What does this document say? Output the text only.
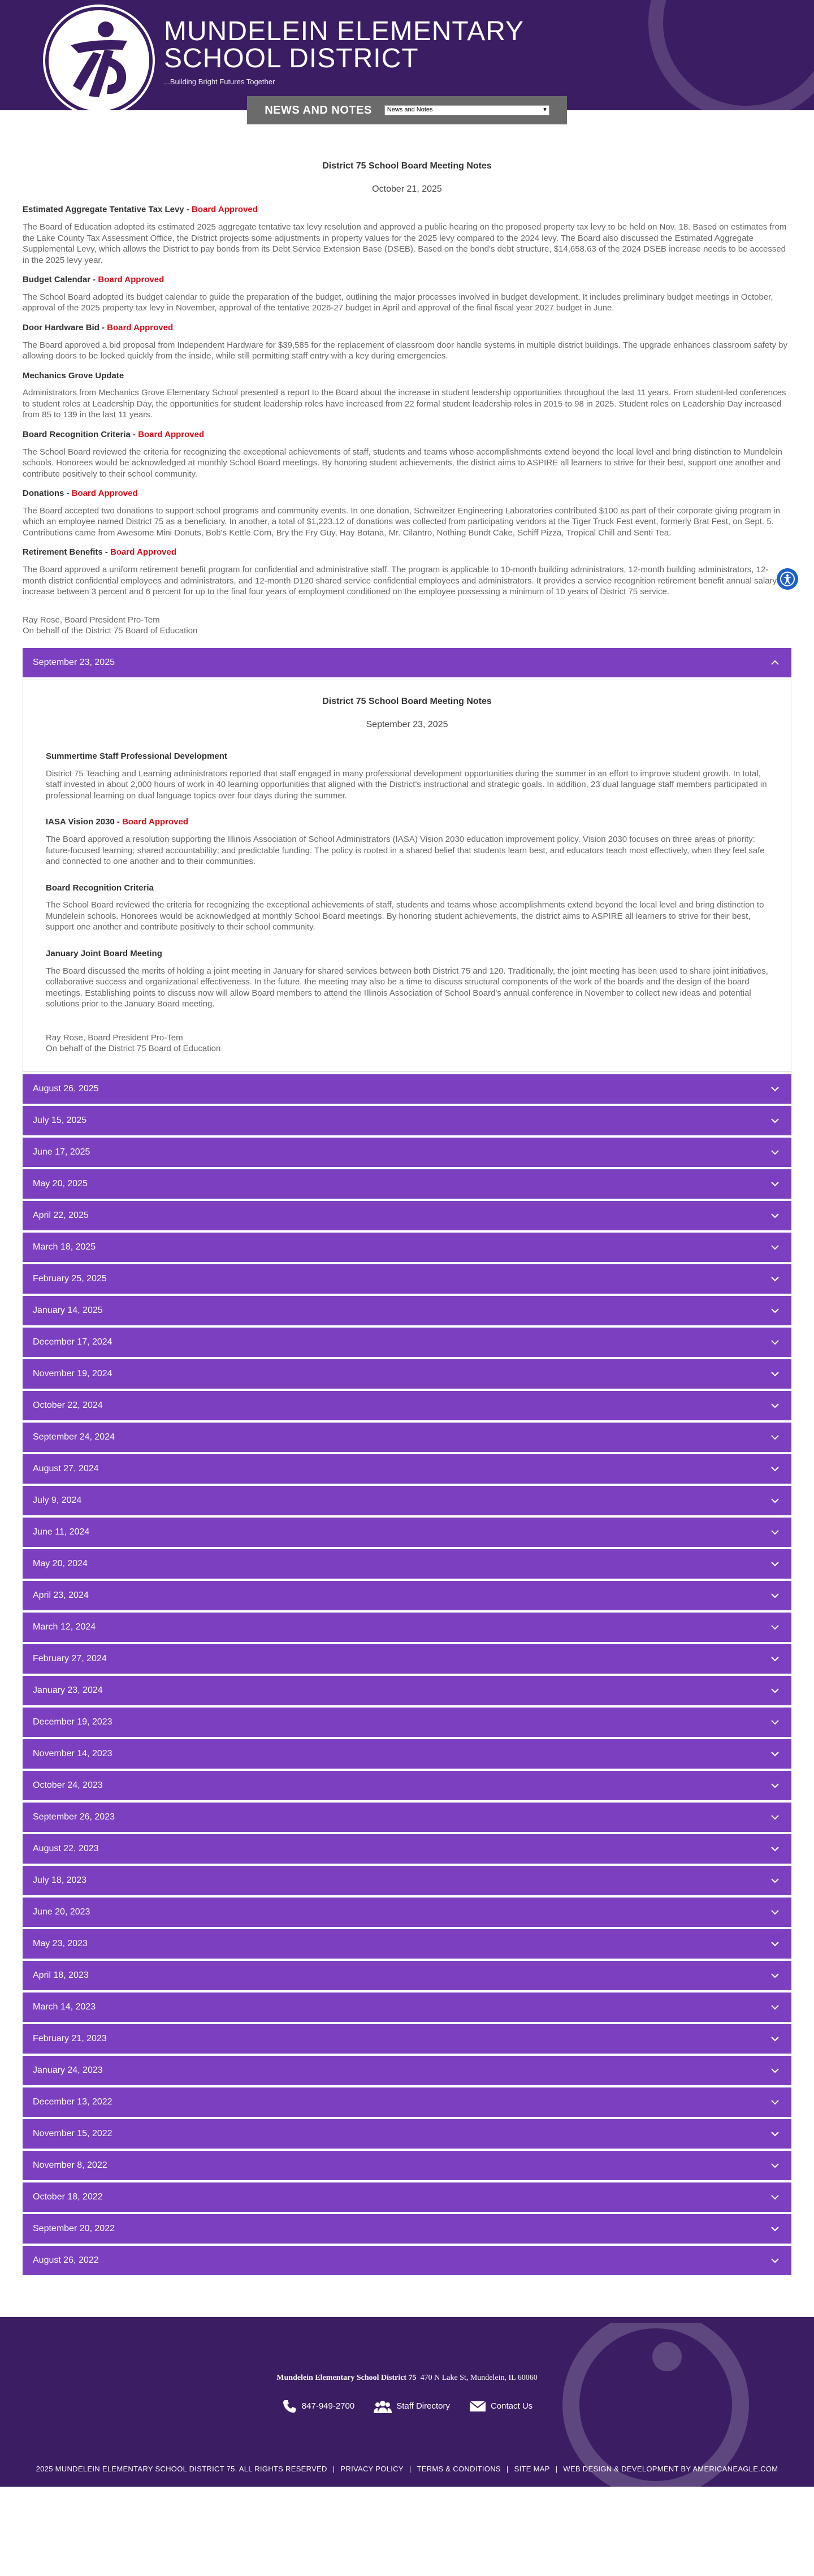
MUNDELEIN ELEMENTARY
SCHOOL DISTRICT
...Building Bright Futures Together
NEWS AND NOTES News and Notes	▾
District 75 School Board Meeting Notes
October 21, 2025
Estimated Aggregate Tentative Tax Levy - Board Approved

The Board of Education adopted its estimated 2025 aggregate tentative tax levy resolution and approved a public hearing on the proposed property tax levy to be held on Nov. 18. Based on estimates from the Lake County Tax Assessment Office, the District projects some adjustments in property values for the 2025 levy compared to the 2024 levy. The Board also discussed the Estimated Aggregate Supplemental Levy, which allows the District to pay bonds from its Debt Service Extension Base (DSEB). Based on the bond's debt structure, $14,658.63 of the 2024 DSEB increase needs to be accessed in the 2025 levy year.

Budget Calendar - Board Approved

The School Board adopted its budget calendar to guide the preparation of the budget, outlining the major processes involved in budget development. It includes preliminary budget meetings in October, approval of the 2025 property tax levy in November, approval of the tentative 2026-27 budget in April and approval of the final fiscal year 2027 budget in June.

Door Hardware Bid - Board Approved

The Board approved a bid proposal from Independent Hardware for $39,585 for the replacement of classroom door handle systems in multiple district buildings. The upgrade enhances classroom safety by allowing doors to be locked quickly from the inside, while still permitting staff entry with a key during emergencies.

Mechanics Grove Update

Administrators from Mechanics Grove Elementary School presented a report to the Board about the increase in student leadership opportunities throughout the last 11 years. From student-led conferences to student roles at Leadership Day, the opportunities for student leadership roles have increased from 22 formal student leadership roles in 2015 to 98 in 2025. Student roles on Leadership Day increased from 85 to 139 in the last 11 years.

Board Recognition Criteria - Board Approved

The School Board reviewed the criteria for recognizing the exceptional achievements of staff, students and teams whose accomplishments extend beyond the local level and bring distinction to Mundelein schools. Honorees would be acknowledged at monthly School Board meetings. By honoring student achievements, the district aims to ASPIRE all learners to strive for their best, support one another and contribute positively to their school community.

Donations - Board Approved

The Board accepted two donations to support school programs and community events. In one donation, Schweitzer Engineering Laboratories contributed $100 as part of their corporate giving program in which an employee named District 75 as a beneficiary. In another, a total of $1,223.12 of donations was collected from participating vendors at the Tiger Truck Fest event, formerly Brat Fest, on Sept. 5. Contributions came from Awesome Mini Donuts, Bob's Kettle Corn, Bry the Fry Guy, Hay Botana, Mr. Cilantro, Nothing Bundt Cake, Schiff Pizza, Tropical Chill and Senti Tea.

Retirement Benefits - Board Approved

The Board approved a uniform retirement benefit program for confidential and administrative staff. The program is applicable to 10-month building administrators, 12-month building administrators, 12-month district confidential employees and administrators, and 12-month D120 shared service confidential employees and administrators. It provides a service recognition retirement benefit annual salary increase between 3 percent and 6 percent for up to the final four years of employment conditioned on the employee possessing a minimum of 10 years of District 75 service.

Ray Rose, Board President Pro-Tem
On behalf of the District 75 Board of Education
September 23, 2025
District 75 School Board Meeting Notes
September 23, 2025
Summertime Staff Professional Development

District 75 Teaching and Learning administrators reported that staff engaged in many professional development opportunities during the summer in an effort to improve student growth. In total, staff invested in about 2,000 hours of work in 40 learning opportunities that aligned with the District's instructional and strategic goals. In addition, 23 dual language staff members participated in professional learning on dual language topics over four days during the summer.

IASA Vision 2030 - Board Approved

The Board approved a resolution supporting the Illinois Association of School Administrators (IASA) Vision 2030 education improvement policy. Vision 2030 focuses on three areas of priority: future-focused learning; shared accountability; and predictable funding. The policy is rooted in a shared belief that students learn best, and educators teach most effectively, when they feel safe and connected to one another and to their communities.

Board Recognition Criteria

The School Board reviewed the criteria for recognizing the exceptional achievements of staff, students and teams whose accomplishments extend beyond the local level and bring distinction to Mundelein schools. Honorees would be acknowledged at monthly School Board meetings. By honoring student achievements, the district aims to ASPIRE all learners to strive for their best, support one another and contribute positively to their school community.

January Joint Board Meeting

The Board discussed the merits of holding a joint meeting in January for shared services between both District 75 and 120. Traditionally, the joint meeting has been used to share joint initiatives, collaborative success and organizational effectiveness. In the future, the meeting may also be a time to discuss structural components of the work of the boards and the design of the board meetings. Establishing points to discuss now will allow Board members to attend the Illinois Association of School Board's annual conference in November to collect new ideas and potential solutions prior to the January Board meeting.

Ray Rose, Board President Pro-Tem
On behalf of the District 75 Board of Education
August 26, 2025
July 15, 2025
June 17, 2025
May 20, 2025
April 22, 2025
March 18, 2025
February 25, 2025
January 14, 2025
December 17, 2024
November 19, 2024
October 22, 2024
September 24, 2024
August 27, 2024
July 9, 2024
June 11, 2024
May 20, 2024
April 23, 2024
March 12, 2024
February 27, 2024
January 23, 2024
December 19, 2023
November 14, 2023
October 24, 2023
September 26, 2023
August 22, 2023
July 18, 2023
June 20, 2023
May 23, 2023
April 18, 2023
March 14, 2023
February 21, 2023
January 24, 2023
December 13, 2022
November 15, 2022
November 8, 2022
October 18, 2022
September 20, 2022
August 26, 2022
Mundelein Elementary School District 75 470 N Lake St, Mundelein, IL 60060
847-949-2700	Staff Directory	Contact Us
2025 MUNDELEIN ELEMENTARY SCHOOL DISTRICT 75. ALL RIGHTS RESERVED | PRIVACY POLICY | TERMS & CONDITIONS | SITE MAP | WEB DESIGN & DEVELOPMENT BY AMERICANEAGLE.COM
